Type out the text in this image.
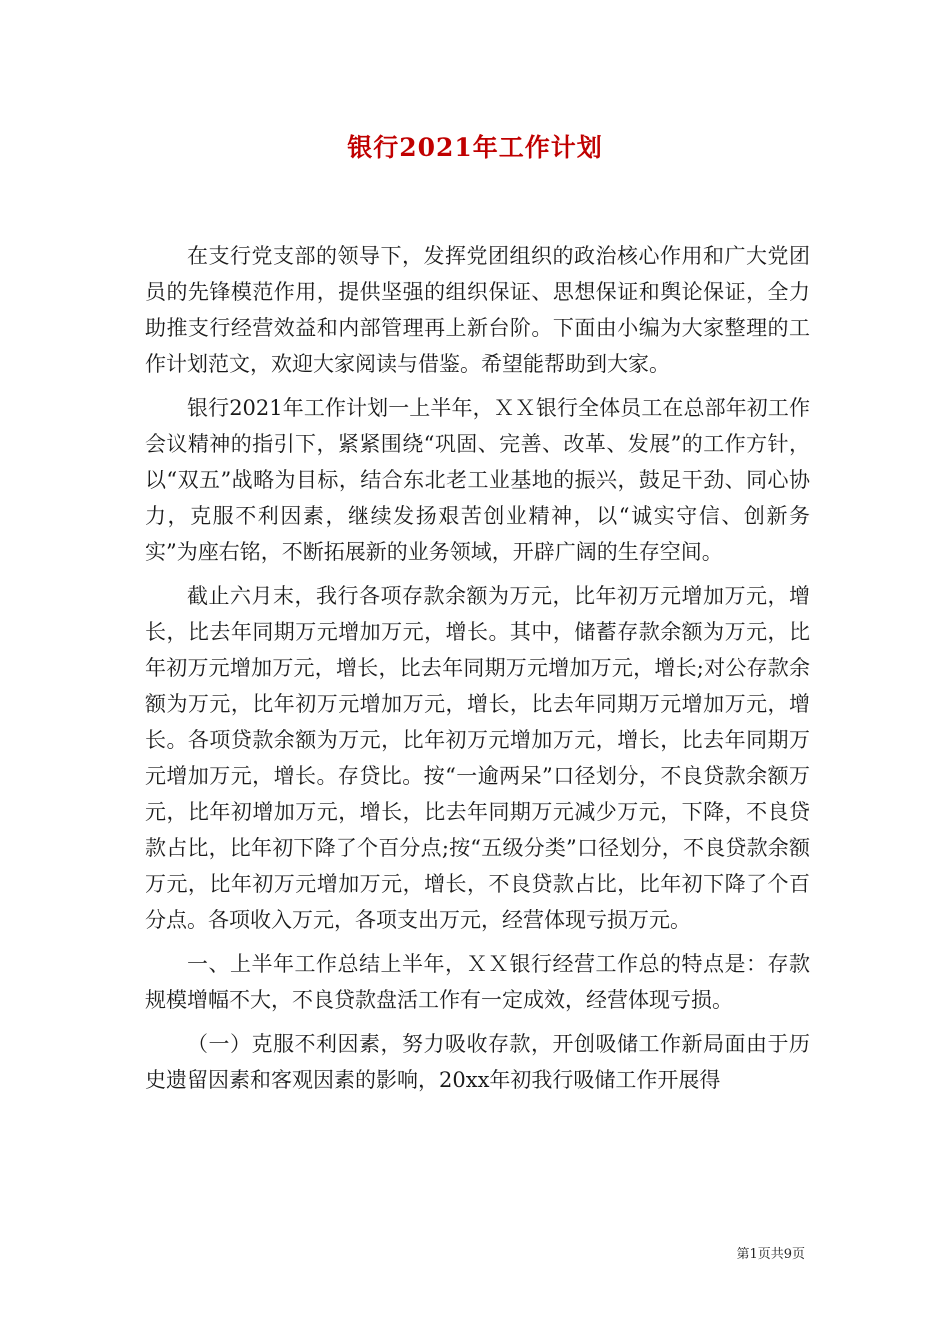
银行2021年工作计划

在支行党支部的领导下，发挥党团组织的政治核心作用和广大党团员的先锋模范作用，提供坚强的组织保证、思想保证和舆论保证，全力助推支行经营效益和内部管理再上新台阶。下面由小编为大家整理的工作计划范文，欢迎大家阅读与借鉴。希望能帮助到大家。

银行2021年工作计划一上半年，ＸＸ银行全体员工在总部年初工作会议精神的指引下，紧紧围绕“巩固、完善、改革、发展”的工作方针，以“双五”战略为目标，结合东北老工业基地的振兴，鼓足干劲、同心协力，克服不利因素，继续发扬艰苦创业精神，以“诚实守信、创新务实”为座右铭，不断拓展新的业务领域，开辟广阔的生存空间。

截止六月末，我行各项存款余额为万元，比年初万元增加万元，增长，比去年同期万元增加万元，增长。其中，储蓄存款余额为万元，比年初万元增加万元，增长，比去年同期万元增加万元，增长;对公存款余额为万元，比年初万元增加万元，增长，比去年同期万元增加万元，增长。各项贷款余额为万元，比年初万元增加万元，增长，比去年同期万元增加万元，增长。存贷比。按“一逾两呆”口径划分，不良贷款余额万元，比年初增加万元，增长，比去年同期万元减少万元，下降，不良贷款占比，比年初下降了个百分点;按“五级分类”口径划分，不良贷款余额万元，比年初万元增加万元，增长，不良贷款占比，比年初下降了个百分点。各项收入万元，各项支出万元，经营体现亏损万元。

一、上半年工作总结上半年，ＸＸ银行经营工作总的特点是：存款规模增幅不大，不良贷款盘活工作有一定成效，经营体现亏损。

（一）克服不利因素，努力吸收存款，开创吸储工作新局面由于历史遗留因素和客观因素的影响，20xx年初我行吸储工作开展得

第1页共9页
